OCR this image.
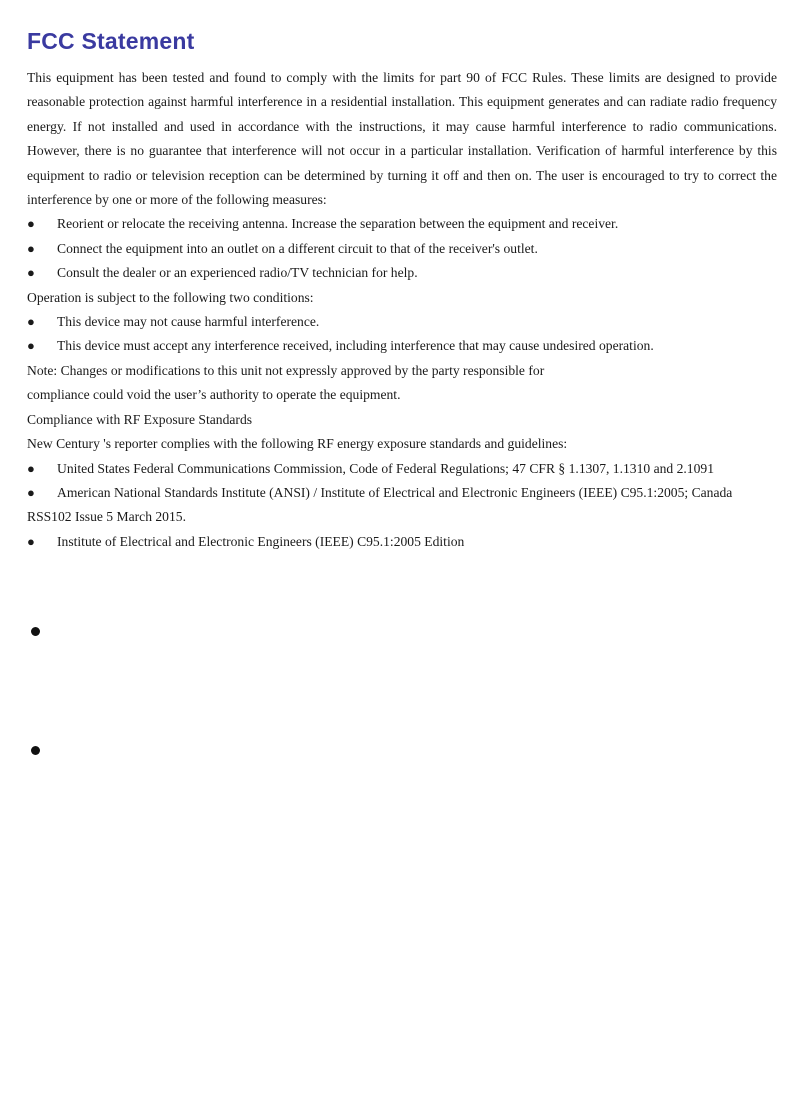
FCC Statement

This equipment has been tested and found to comply with the limits for part 90 of FCC Rules. These limits are designed to provide reasonable protection against harmful interference in a residential installation. This equipment generates and can radiate radio frequency energy. If not installed and used in accordance with the instructions, it may cause harmful interference to radio communications. However, there is no guarantee that interference will not occur in a particular installation. Verification of harmful interference by this equipment to radio or television reception can be determined by turning it off and then on. The user is encouraged to try to correct the interference by one or more of the following measures:

●	Reorient or relocate the receiving antenna. Increase the separation between the equipment and receiver.
●	Connect the equipment into an outlet on a different circuit to that of the receiver's outlet.
●	Consult the dealer or an experienced radio/TV technician for help.

Operation is subject to the following two conditions:

●	This device may not cause harmful interference.
●	This device must accept any interference received, including interference that may cause undesired operation.

Note: Changes or modifications to this unit not expressly approved by the party responsible for

compliance could void the user’s authority to operate the equipment.

Compliance with RF Exposure Standards

New Century 's reporter complies with the following RF energy exposure standards and guidelines:

● United States Federal Communications Commission, Code of Federal Regulations; 47 CFR § 1.1307, 1.1310 and 2.1091

● American National Standards Institute (ANSI) / Institute of Electrical and Electronic Engineers (IEEE) C95.1:2005; Canada RSS102 Issue 5 March 2015.

●	Institute of Electrical and Electronic Engineers (IEEE) C95.1:2005 Edition
